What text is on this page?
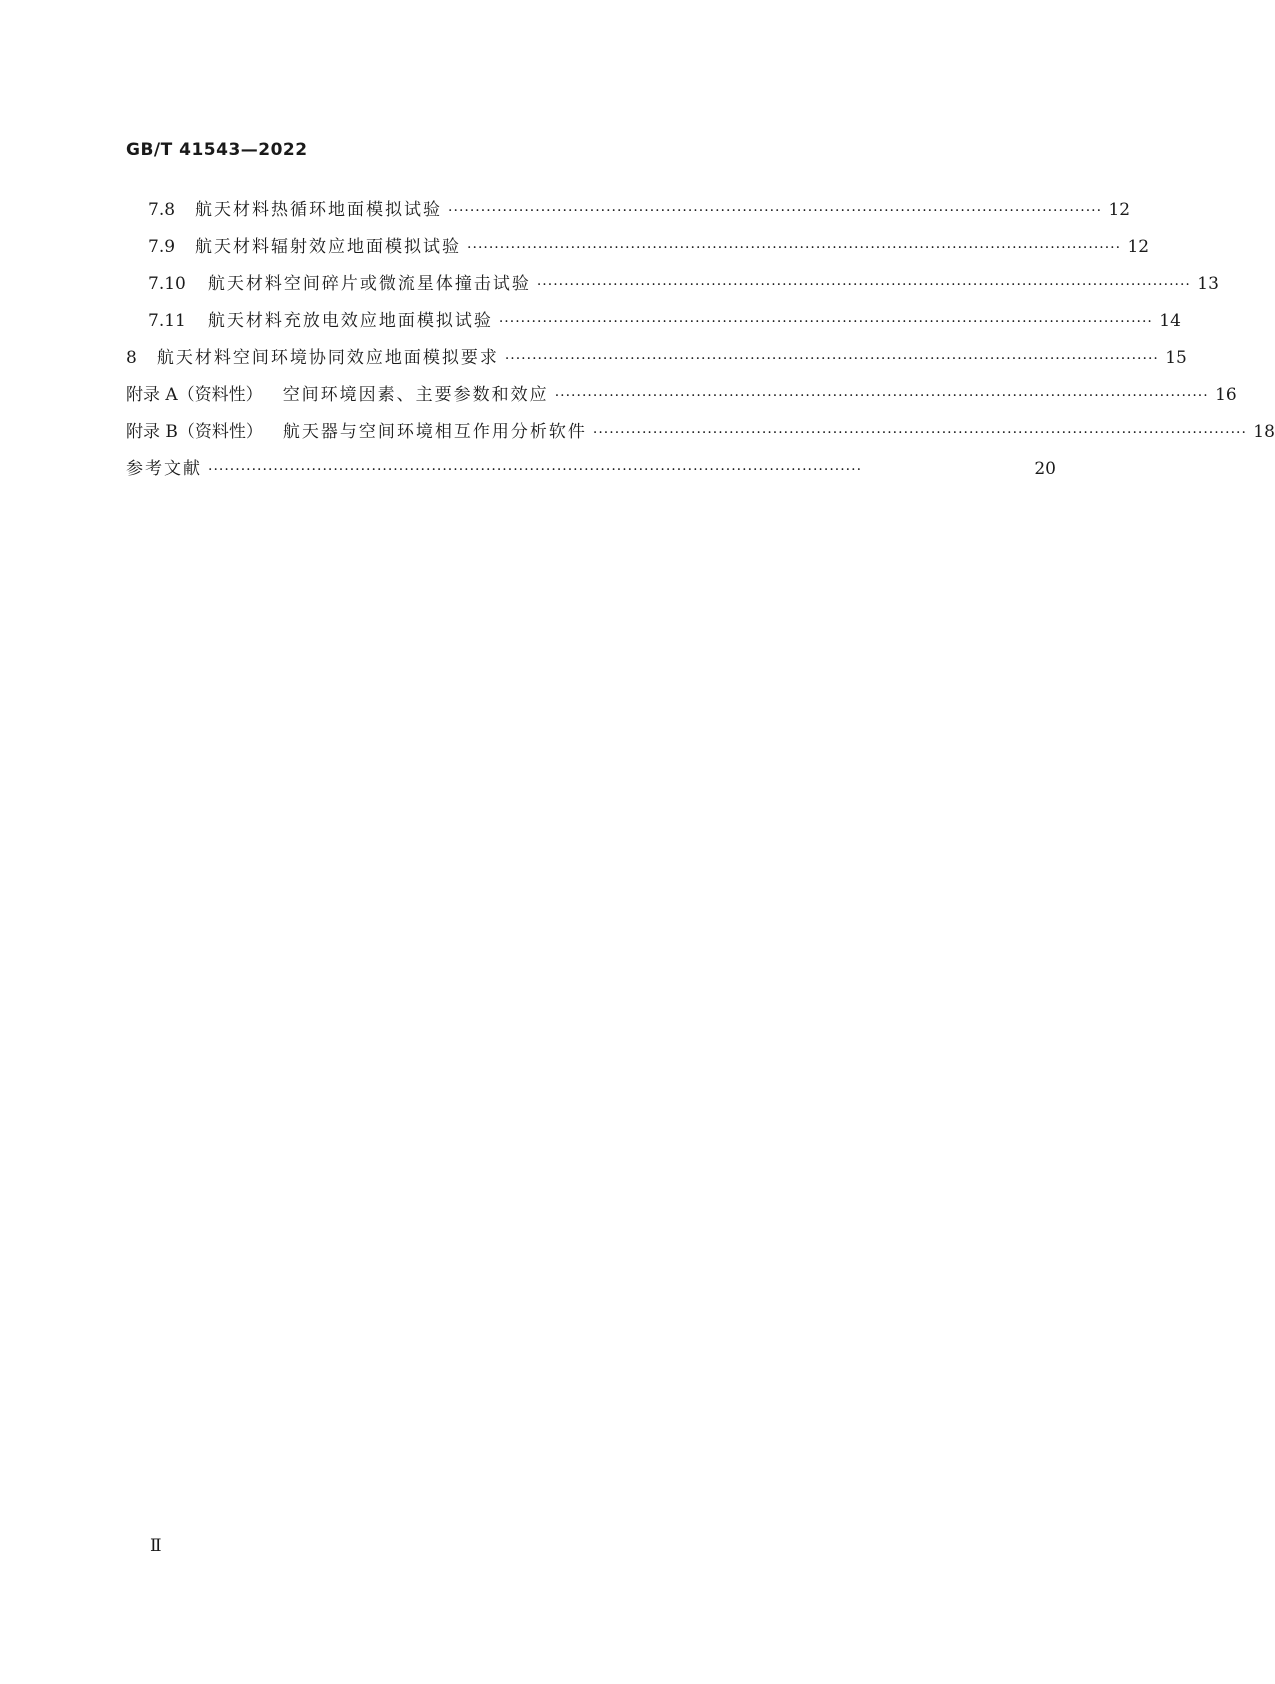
GB/T 41543—2022
7.8 航天材料热循环地面模拟试验 ························································································································ 12
7.9 航天材料辐射效应地面模拟试验 ························································································································ 12
7.10 航天材料空间碎片或微流星体撞击试验 ························································································································ 13
7.11 航天材料充放电效应地面模拟试验 ························································································································ 14
8 航天材料空间环境协同效应地面模拟要求 ························································································································ 15
附录 A（资料性） 空间环境因素、主要参数和效应 ························································································································ 16
附录 B（资料性） 航天器与空间环境相互作用分析软件 ························································································································ 18
参考文献 ························································································································	20
Ⅱ
